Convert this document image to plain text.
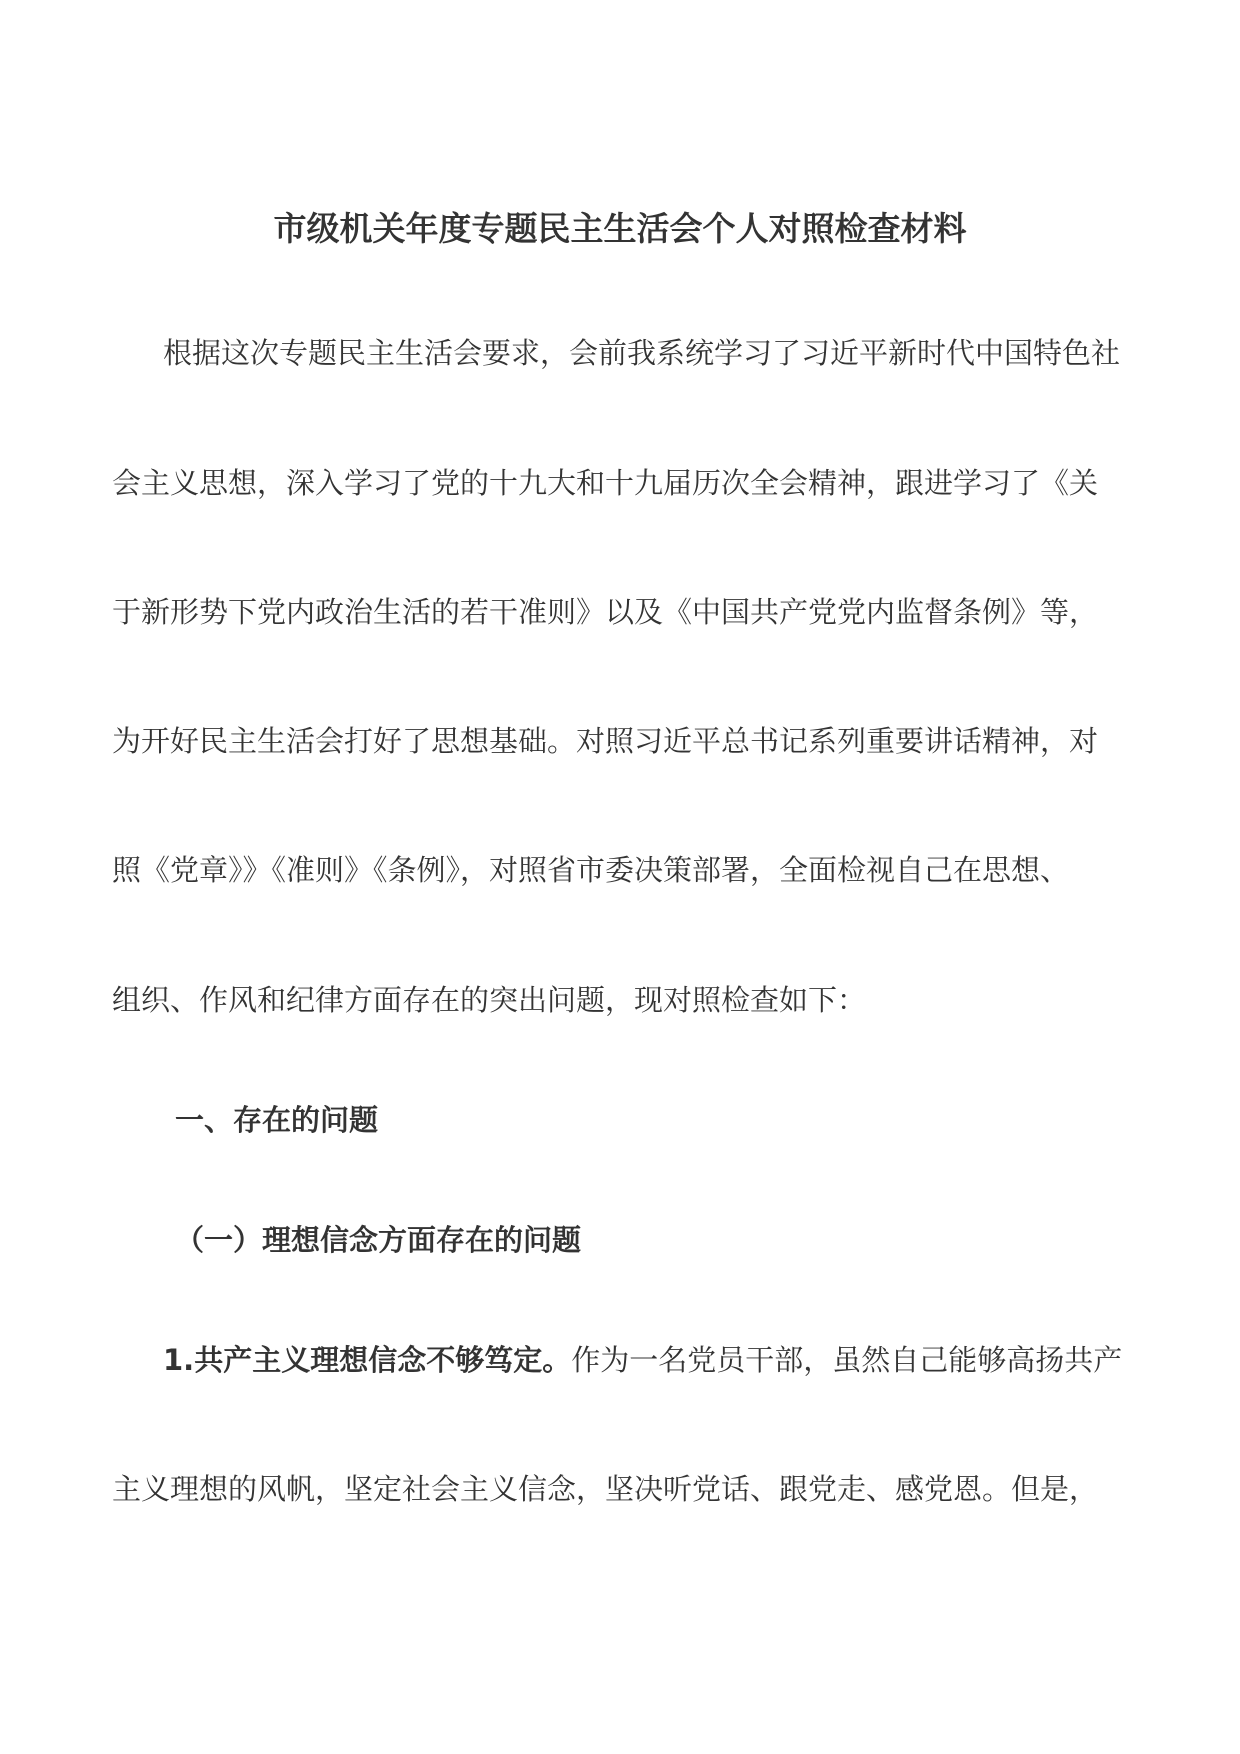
市级机关年度专题民主生活会个人对照检查材料
根据这次专题民主生活会要求，会前我系统学习了习近平新时代中国特色社
会主义思想，深入学习了党的十九大和十九届历次全会精神，跟进学习了《关
于新形势下党内政治生活的若干准则》以及《中国共产党党内监督条例》等，
为开好民主生活会打好了思想基础。对照习近平总书记系列重要讲话精神，对
照《党章》》《准则》《条例》，对照省市委决策部署，全面检视自己在思想、
组织、作风和纪律方面存在的突出问题，现对照检查如下：
一、存在的问题
（一）理想信念方面存在的问题
1.共产主义理想信念不够笃定。作为一名党员干部，虽然自己能够高扬共产
主义理想的风帆，坚定社会主义信念，坚决听党话、跟党走、感党恩。但是，
